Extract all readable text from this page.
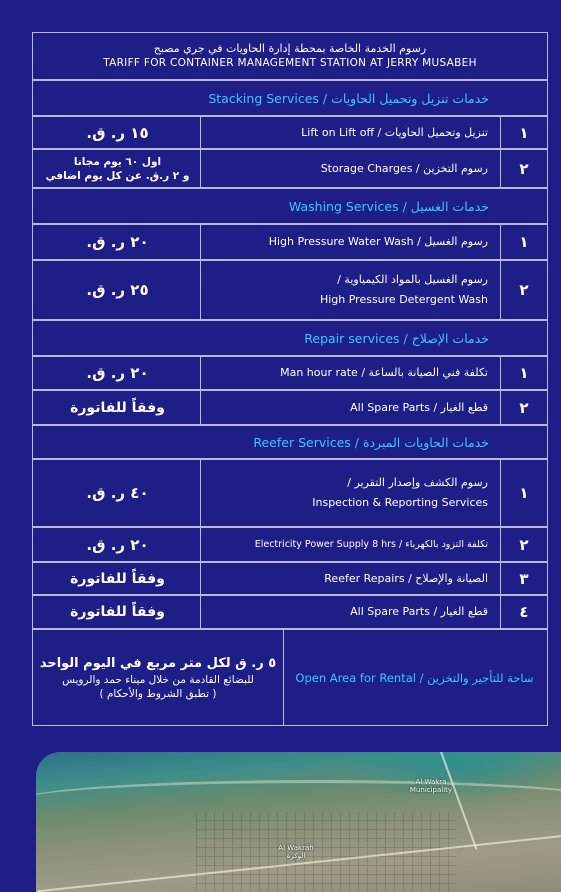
رسوم الخدمة الخاصة بمحطة إدارة الحاويات في جري مصبح
TARIFF FOR CONTAINER MANAGEMENT STATION AT JERRY MUSABEH
خدمات تنزيل وتحميل الحاويات / Stacking Services
١
تنزيل وتحميل الحاويات / Lift on Lift off
١٥ ر. ق.
٢
رسوم التخزين / Storage Charges
اول ٦٠ يوم مجانا
و ٢ ر.ق. عن كل يوم اضافي
خدمات الغسيل / Washing Services
١
رسوم الغسيل / High Pressure Water Wash
٢٠ ر. ق.
٢
رسوم الغسيل بالمواد الكيمياوية /
High Pressure Detergent Wash
٢٥ ر. ق.
خدمات الإصلاح / Repair services
١
تكلفة فني الصيانة بالساعة / Man hour rate
٢٠ ر. ق.
٢
قطع الغيار / All Spare Parts
وفقاً للفاتورة
خدمات الحاويات المبردة / Reefer Services
١
رسوم الكشف وإصدار التقرير /
Inspection & Reporting Services
٤٠ ر. ق.
٢
تكلفة التزود بالكهرباء / Electricity Power Supply 8 hrs
٢٠ ر. ق.
٣
الصيانة والإصلاح / Reefer Repairs
وفقاً للفاتورة
٤
قطع الغيار / All Spare Parts
وفقاً للفاتورة
ساحة للتأجير والتخزين / Open Area for Rental
٥ ر. ق لكل متر مربع في اليوم الواحد
للبضائع القادمة من خلال ميناء حمد والرويس
( تطبق الشروط والأحكام )
Al Wakra Municipality
Al Wakrah
الوكرة
